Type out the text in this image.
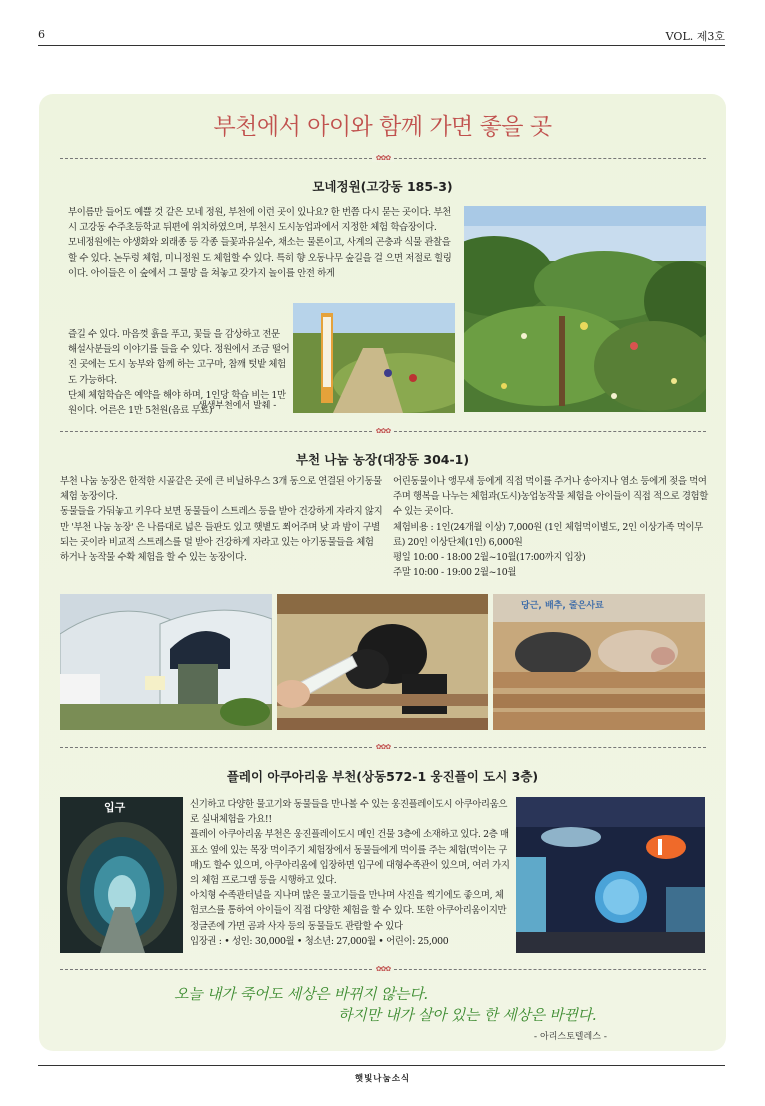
6	VOL. 제3호
부천에서 아이와 함께 가면 좋을 곳
✿✿✿
모네정원(고강동 185-3)

부이름만 들어도 예쁠 것 같은 모네 정원, 부천에 이런 곳이 있나요? 한 번쯤 다시 묻는 곳이다. 부천시 고강동 수주초등학교 뒤편에 위치하였으며, 부천시 도시농업과에서 지정한 체험 학습장이다.

모네정원에는 야생화와 외래종 등 각종 들꽃과유실수, 채소는 물론이고, 사계의 곤충과 식물 관찰을 할 수 있다. 논두렁 체험, 미니정원 도 체험할 수 있다. 특히 향 오동나무 숲길을 걸 으면 저절로 힐링 이다. 아이들은 이 숲에서 그 물망 을 쳐놓고 갖가지 놀이를 안전 하게

즐길 수 있다. 마음껏 흙을 푸고, 꽃들 을 감상하고 전문 해설사분들의 이야기를 들을 수 있다. 정원에서 조금 떨어진 곳에는 도시 농부와 함께 하는 고구마, 참깨 텃밭 체험도 가능하다.

단체 체험학습은 예약을 해야 하며, 1인당 학습 비는 1만원이다. 어른은 1만 5천원(음료 무료)

생생부천에서 발췌 -
✿✿✿
부천 나눔 농장(대장동 304-1)

부천 나눔 농장은 한적한 시골같은 곳에 큰 비닐하우스 3개 동으로 연결된 아기동물 체험 농장이다.

동물들을 가둬놓고 키우다 보면 동물들이 스트레스 등을 받아 건강하게 자라지 않지만 '부천 나눔 농장' 은 나름대로 넓은 들판도 있고 햇볕도 쬐어주며 낮 과 밤이 구별되는 곳이라 비교적 스트레스를 덜 받아 건강하게 자라고 있는 아기동물들을 체험 하거나 농작물 수확 체험을 할 수 있는 농장이다.

어린동물이나 앵무새 등에게 직접 먹이를 주거나 송아지나 염소 등에게 젖을 먹여주며 행복을 나누는 체험과(도시)농업농작물 체험을 아이들이 직접 적으로 경험할 수 있는 곳이다.

체험비용 : 1인(24개월 이상) 7,000원 (1인 체험먹이별도, 2인 이상가족 먹이무료) 20인 이상단체(1인) 6,000원

평일 10:00 - 18:00 2월~10월(17:00까지 입장)

주말 10:00 - 19:00 2월~10월

당근, 배추, 줄은사료
✿✿✿
플레이 아쿠아리움 부천(상동572-1 웅진플이 도시 3층)
입구	신기하고 다양한 물고기와 동물들을 만나볼 수 있는 웅진플레이도시 아쿠아리움으로 실내체험을 가요!!

플레이 아쿠아리움 부천은 웅진플레이도시 메인 건물 3층에 소재하고 있다. 2층 매표소 옆에 있는 목장 먹이주기 체험장에서 동물들에게 먹이를 주는 체험(먹이는 구매)도 할수 있으며, 아쿠아리움에 입장하면 입구에 대형수족관이 있으며, 여러 가지의 체험 프로그램 등을 시행하고 있다.

아치형 수족관터널을 지나며 많은 물고기들을 만나며 사진을 찍기에도 좋으며, 체험코스를 통하여 아이들이 직접 다양한 체험을 할 수 있다. 또한 아쿠아리움이지만 정글존에 가면 곰과 사자 등의 동물들도 관람할 수 있다

입장권 : • 성인: 30,000월 • 청소년: 27,000월 • 어린이: 25,000

✿✿✿
오늘 내가 죽어도 세상은 바뀌지 않는다.
하지만 내가 살아 있는 한 세상은 바뀐다.
- 아리스토텔레스 -
햇빛나눔소식
